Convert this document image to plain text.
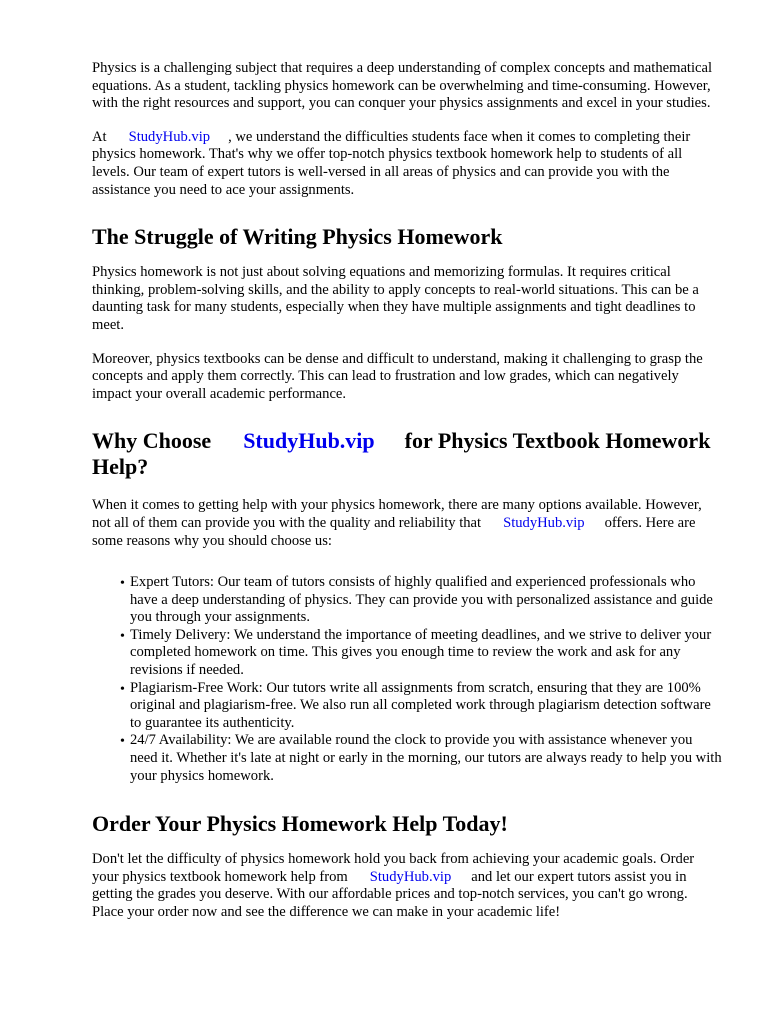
Physics is a challenging subject that requires a deep understanding of complex concepts and mathematical equations. As a student, tackling physics homework can be overwhelming and time-consuming. However, with the right resources and support, you can conquer your physics assignments and excel in your studies.

At StudyHub.vip , we understand the difficulties students face when it comes to completing their physics homework. That's why we offer top-notch physics textbook homework help to students of all levels. Our team of expert tutors is well-versed in all areas of physics and can provide you with the assistance you need to ace your assignments.

The Struggle of Writing Physics Homework

Physics homework is not just about solving equations and memorizing formulas. It requires critical thinking, problem-solving skills, and the ability to apply concepts to real-world situations. This can be a daunting task for many students, especially when they have multiple assignments and tight deadlines to meet.

Moreover, physics textbooks can be dense and difficult to understand, making it challenging to grasp the concepts and apply them correctly. This can lead to frustration and low grades, which can negatively impact your overall academic performance.

Why Choose StudyHub.vip for Physics Textbook Homework Help?

When it comes to getting help with your physics homework, there are many options available. However, not all of them can provide you with the quality and reliability that StudyHub.vip offers. Here are some reasons why you should choose us:

• Expert Tutors: Our team of tutors consists of highly qualified and experienced professionals who have a deep understanding of physics. They can provide you with personalized assistance and guide you through your assignments.
• Timely Delivery: We understand the importance of meeting deadlines, and we strive to deliver your completed homework on time. This gives you enough time to review the work and ask for any revisions if needed.
• Plagiarism-Free Work: Our tutors write all assignments from scratch, ensuring that they are 100% original and plagiarism-free. We also run all completed work through plagiarism detection software to guarantee its authenticity.
• 24/7 Availability: We are available round the clock to provide you with assistance whenever you need it. Whether it's late at night or early in the morning, our tutors are always ready to help you with your physics homework.
Order Your Physics Homework Help Today!

Don't let the difficulty of physics homework hold you back from achieving your academic goals. Order your physics textbook homework help from StudyHub.vip and let our expert tutors assist you in getting the grades you deserve. With our affordable prices and top-notch services, you can't go wrong. Place your order now and see the difference we can make in your academic life!
